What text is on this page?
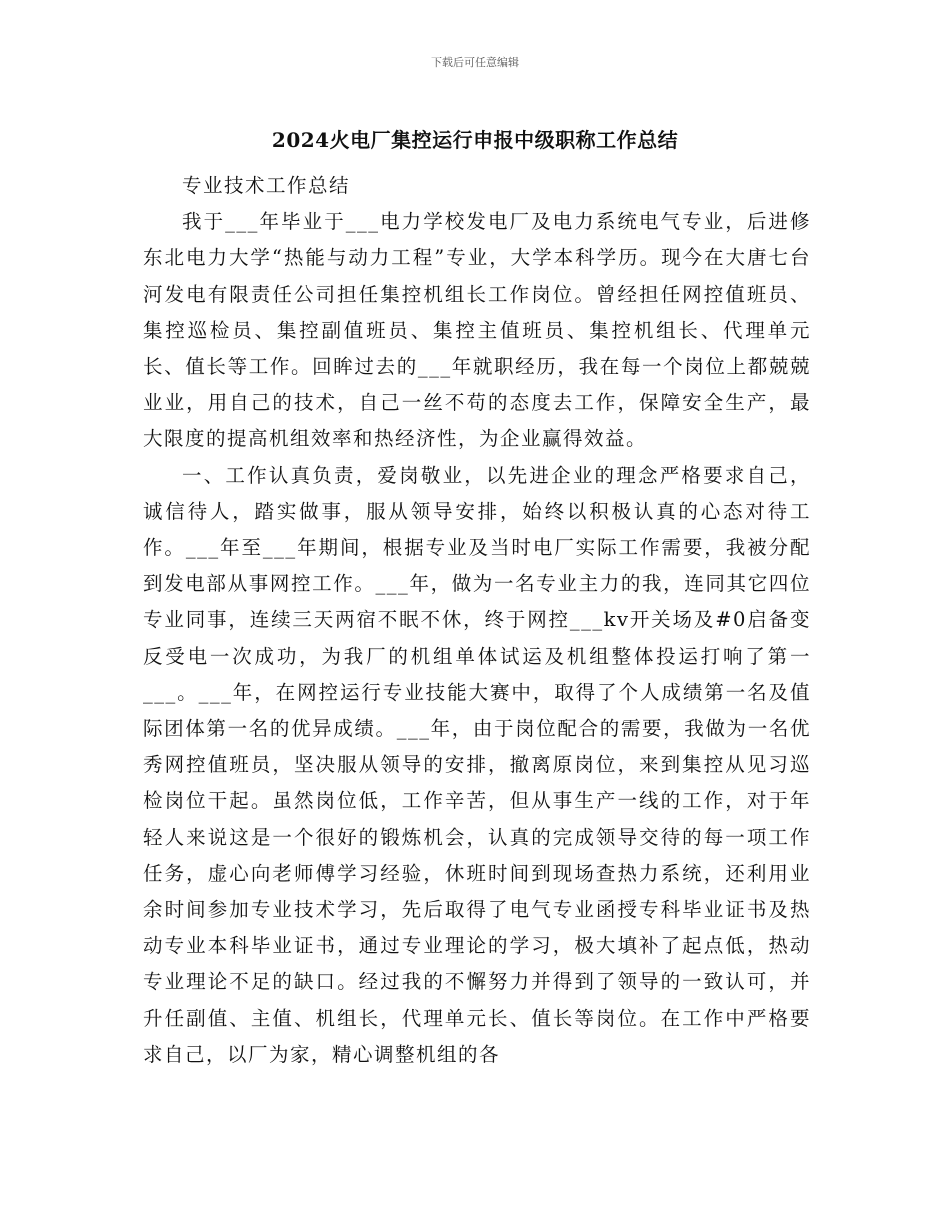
下载后可任意编辑
2024火电厂集控运行申报中级职称工作总结

专业技术工作总结

我于___年毕业于___电力学校发电厂及电力系统电气专业，后进修东北电力大学“热能与动力工程”专业，大学本科学历。现今在大唐七台河发电有限责任公司担任集控机组长工作岗位。曾经担任网控值班员、集控巡检员、集控副值班员、集控主值班员、集控机组长、代理单元长、值长等工作。回眸过去的___年就职经历，我在每一个岗位上都兢兢业业，用自己的技术，自己一丝不苟的态度去工作，保障安全生产，最大限度的提高机组效率和热经济性，为企业赢得效益。

一、工作认真负责，爱岗敬业，以先进企业的理念严格要求自己，诚信待人，踏实做事，服从领导安排，始终以积极认真的心态对待工作。___年至___年期间，根据专业及当时电厂实际工作需要，我被分配到发电部从事网控工作。___年，做为一名专业主力的我，连同其它四位专业同事，连续三天两宿不眠不休，终于网控___kv开关场及#0启备变反受电一次成功，为我厂的机组单体试运及机组整体投运打响了第一___。___年，在网控运行专业技能大赛中，取得了个人成绩第一名及值际团体第一名的优异成绩。___年，由于岗位配合的需要，我做为一名优秀网控值班员，坚决服从领导的安排，撤离原岗位，来到集控从见习巡检岗位干起。虽然岗位低，工作辛苦，但从事生产一线的工作，对于年轻人来说这是一个很好的锻炼机会，认真的完成领导交待的每一项工作任务，虚心向老师傅学习经验，休班时间到现场查热力系统，还利用业余时间参加专业技术学习，先后取得了电气专业函授专科毕业证书及热动专业本科毕业证书，通过专业理论的学习，极大填补了起点低，热动专业理论不足的缺口。经过我的不懈努力并得到了领导的一致认可，并升任副值、主值、机组长，代理单元长、值长等岗位。在工作中严格要求自己，以厂为家，精心调整机组的各
